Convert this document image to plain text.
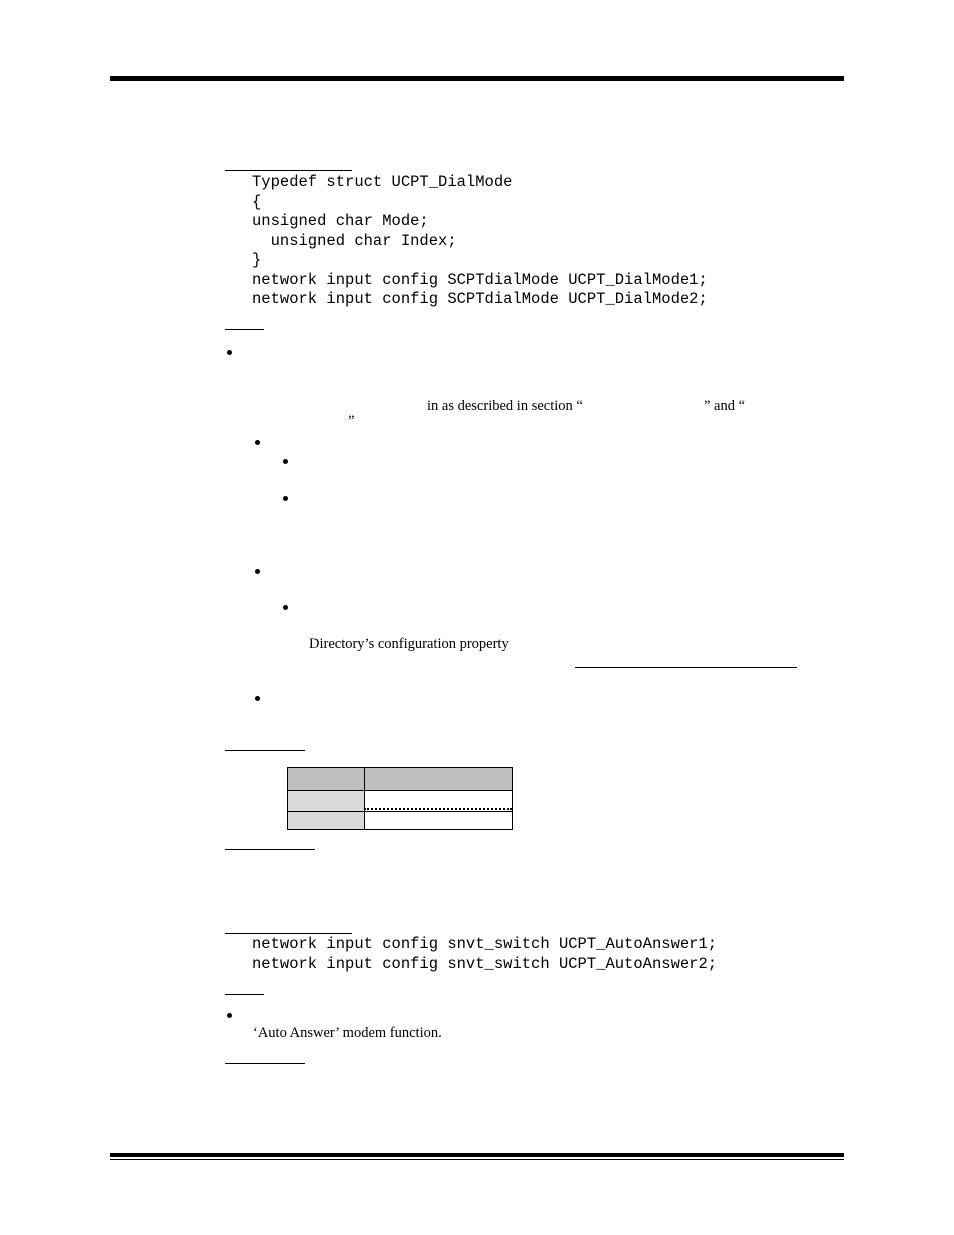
Typedef struct UCPT_DialMode
{
unsigned char Mode;
unsigned char Index;
}
network input config SCPTdialMode UCPT_DialMode1;
network input config SCPTdialMode UCPT_DialMode2;
in as described in section “	” and “
”
Directory’s configuration property

network input config snvt_switch UCPT_AutoAnswer1;
network input config snvt_switch UCPT_AutoAnswer2;
‘Auto Answer’ modem function.
